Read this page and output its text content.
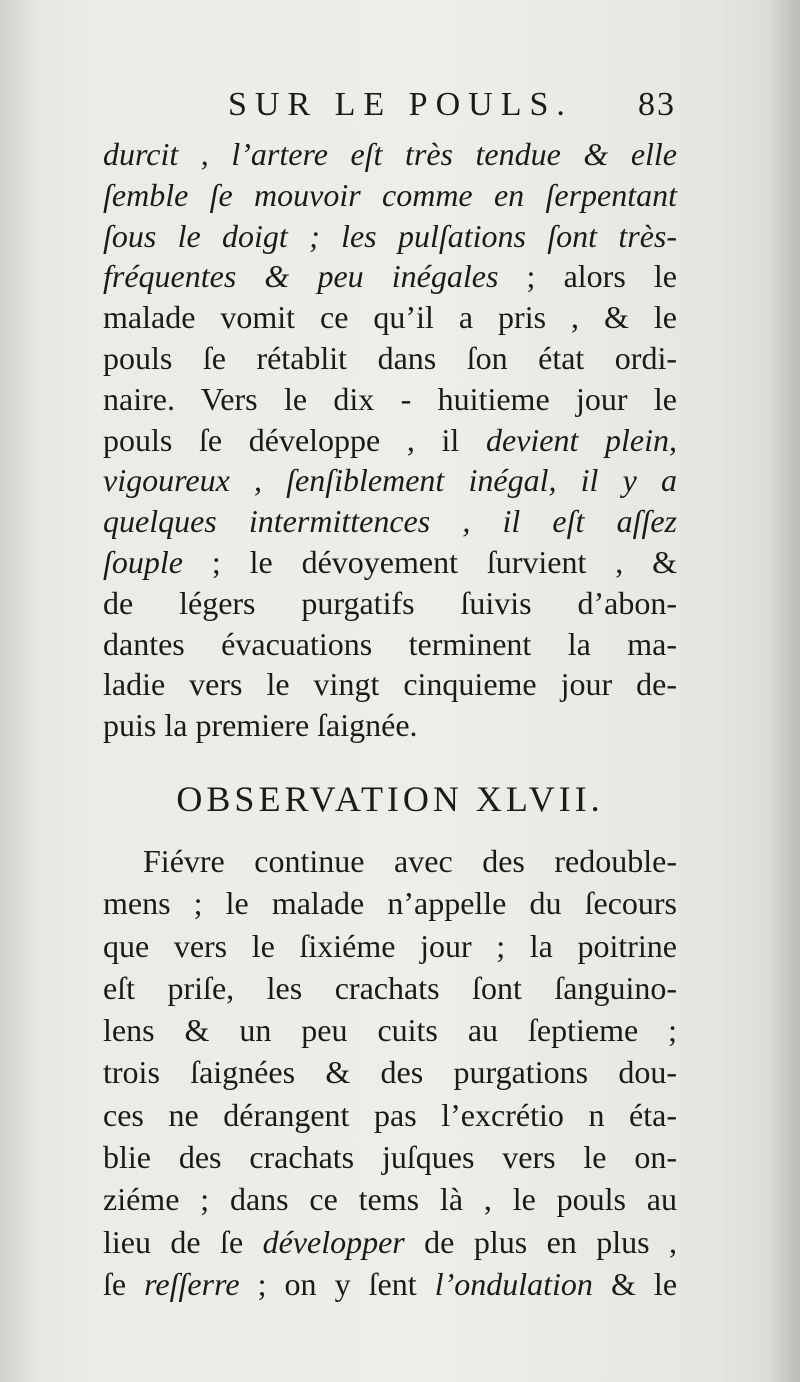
SUR LE POULS. 83
durcit , l’artere eſt très tendue & elle
ſemble ſe mouvoir comme en ſerpentant
ſous le doigt ; les pulſations ſont très-
fréquentes & peu inégales ; alors le
malade vomit ce qu’il a pris , & le
pouls ſe rétablit dans ſon état ordi-
naire. Vers le dix - huitieme jour le
pouls ſe développe , il devient plein,
vigoureux , ſenſiblement inégal, il y a
quelques intermittences , il eſt aſſez
ſouple ; le dévoyement ſurvient , &
de légers purgatifs ſuivis d’abon-
dantes évacuations terminent la ma-
ladie vers le vingt cinquieme jour de-
puis la premiere ſaignée.
OBSERVATION XLVII.
Fiévre continue avec des redouble-
mens ; le malade n’appelle du ſecours
que vers le ſixiéme jour ; la poitrine
eſt priſe, les crachats ſont ſanguino-
lens & un peu cuits au ſeptieme ;
trois ſaignées & des purgations dou-
ces ne dérangent pas l’excrétio n éta-
blie des crachats juſques vers le on-
ziéme ; dans ce tems là , le pouls au
lieu de ſe développer de plus en plus ,
ſe reſſerre ; on y ſent l’ondulation & le
